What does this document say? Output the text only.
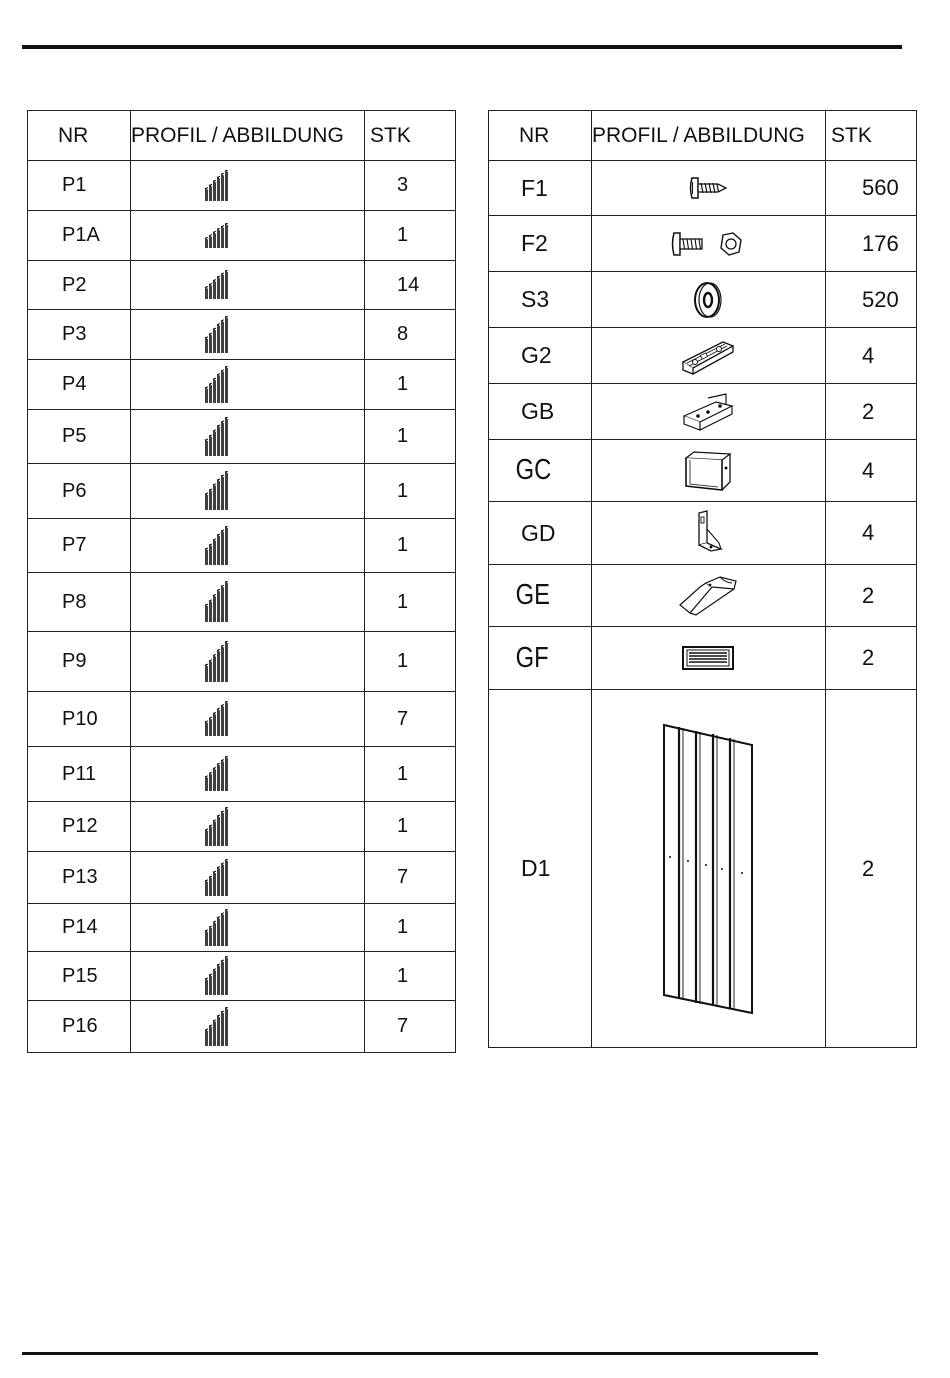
NR	PROFIL / ABBILDUNG	STK
P1		3
P1A		1
P2		14
P3		8
P4		1
P5		1
P6		1
P7		1
P8		1
P9		1
P10		7
P11		1
P12		1
P13		7
P14		1
P15		1
P16		7
NR	PROFIL / ABBILDUNG	STK
F1		560
F2		176
S3		520
G2		4
GB		2
GC		4
GD		4
GE		2
GF		2
D1		2
